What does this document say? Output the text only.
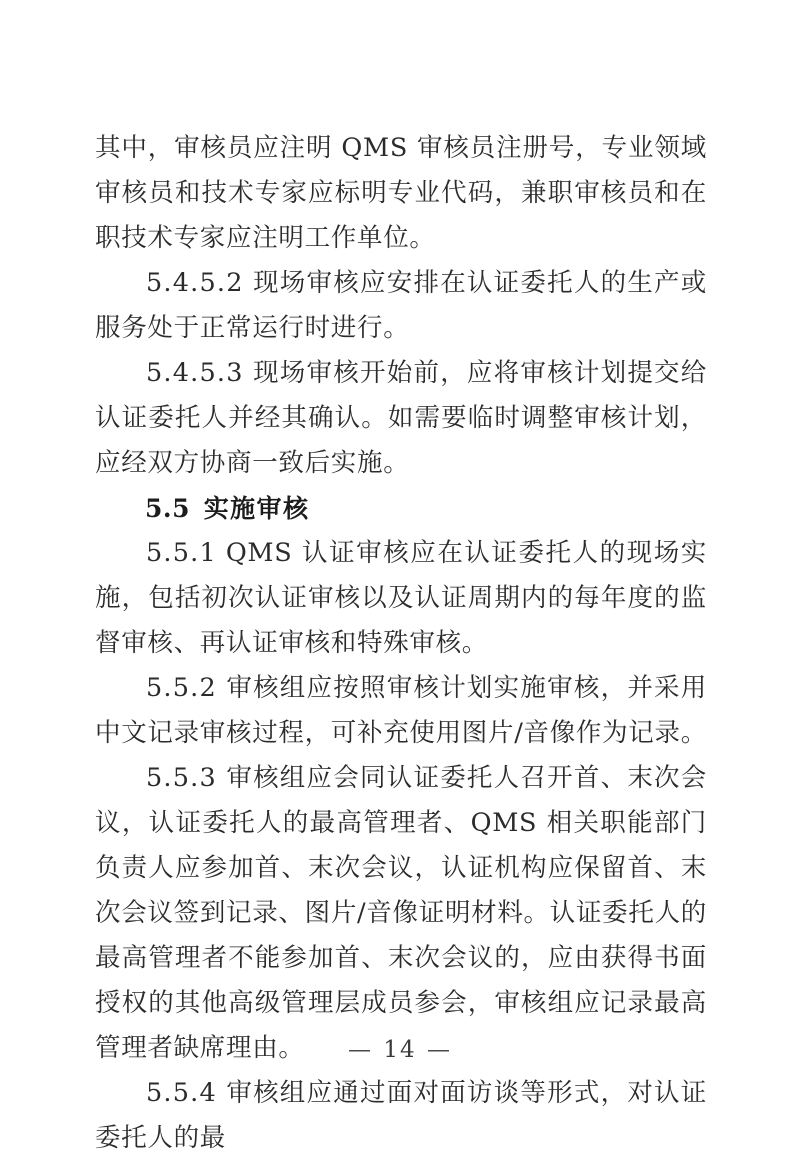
其中，审核员应注明 QMS 审核员注册号，专业领域审核员和技术专家应标明专业代码，兼职审核员和在职技术专家应注明工作单位。

5.4.5.2 现场审核应安排在认证委托人的生产或服务处于正常运行时进行。

5.4.5.3 现场审核开始前，应将审核计划提交给认证委托人并经其确认。如需要临时调整审核计划，应经双方协商一致后实施。

5.5 实施审核

5.5.1 QMS 认证审核应在认证委托人的现场实施，包括初次认证审核以及认证周期内的每年度的监督审核、再认证审核和特殊审核。

5.5.2 审核组应按照审核计划实施审核，并采用中文记录审核过程，可补充使用图片/音像作为记录。

5.5.3 审核组应会同认证委托人召开首、末次会议，认证委托人的最高管理者、QMS 相关职能部门负责人应参加首、末次会议，认证机构应保留首、末次会议签到记录、图片/音像证明材料。认证委托人的最高管理者不能参加首、末次会议的，应由获得书面授权的其他高级管理层成员参会，审核组应记录最高管理者缺席理由。

5.5.4 审核组应通过面对面访谈等形式，对认证委托人的最

— 14 —
